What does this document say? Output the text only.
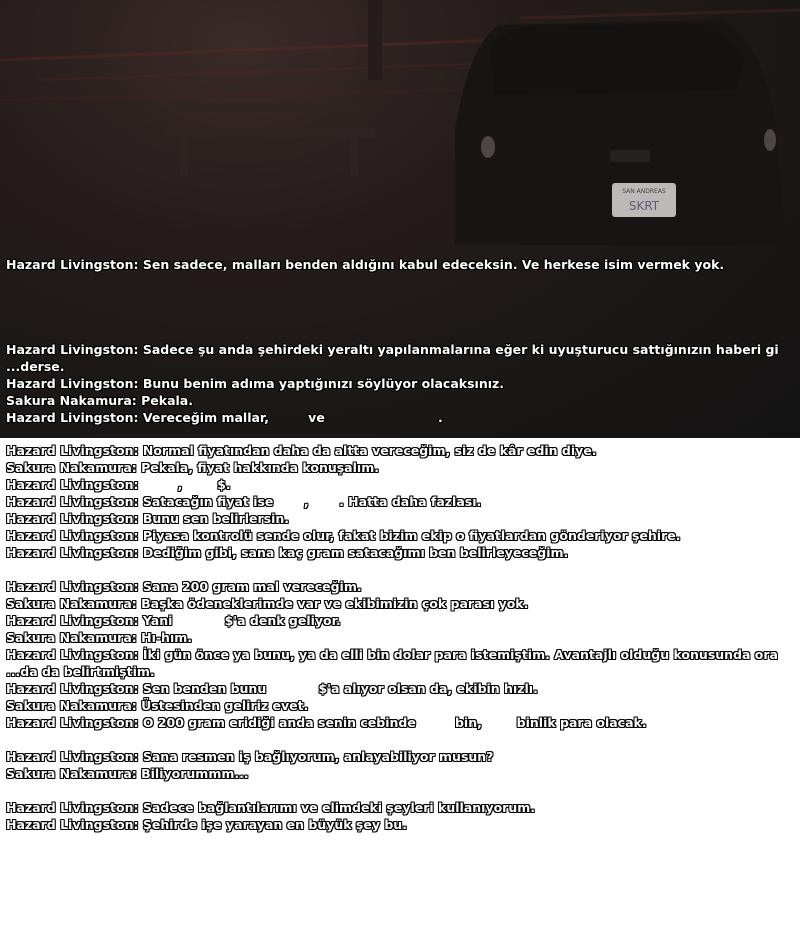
SAN ANDREAS
SKRT
Hazard Livingston: Sen sadece, malları benden aldığını kabul edeceksin. Ve herkese isim vermek yok.
Hazard Livingston: Sadece şu anda şehirdeki yeraltı yapılanmalarına eğer ki uyuşturucu sattığınızın haberi gi
...derse.
Hazard Livingston: Bunu benim adıma yaptığınızı söylüyor olacaksınız.
Sakura Nakamura: Pekala.
Hazard Livingston: Vereceğim mallar,         ve                          .
Hazard Livingston: Normal fiyatından daha da altta vereceğim, siz de kâr edin diye.
Sakura Nakamura: Pekala, fiyat hakkında konuşalım.
Hazard Livingston:         ,        $.
Hazard Livingston: Satacağın fiyat ise       ,       . Hatta daha fazlası.
Hazard Livingston: Bunu sen belirlersin.
Hazard Livingston: Piyasa kontrolü sende olur, fakat bizim ekip o fiyatlardan gönderiyor şehire.
Hazard Livingston: Dediğim gibi, sana kaç gram satacağımı ben belirleyeceğim.
Hazard Livingston: Sana 200 gram mal vereceğim.
Sakura Nakamura: Başka ödeneklerimde var ve ekibimizin çok parası yok.
Hazard Livingston: Yani            $'a denk geliyor.
Sakura Nakamura: Hı-hım.
Hazard Livingston: İki gün önce ya bunu, ya da elli bin dolar para istemiştim. Avantajlı olduğu konusunda ora
...da da belirtmiştim.
Hazard Livingston: Sen benden bunu            $'a alıyor olsan da, ekibin hızlı.
Sakura Nakamura: Üstesinden geliriz evet.
Hazard Livingston: O 200 gram eridiği anda senin cebinde         bin,        binlik para olacak.
Hazard Livingston: Sana resmen iş bağlıyorum, anlayabiliyor musun?
Sakura Nakamura: Biliyorummm...
Hazard Livingston: Sadece bağlantılarımı ve elimdeki şeyleri kullanıyorum.
Hazard Livingston: Şehirde işe yarayan en büyük şey bu.
